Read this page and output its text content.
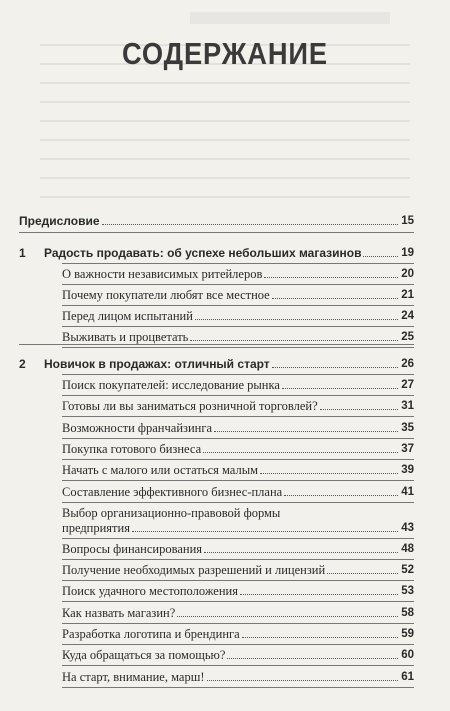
СОДЕРЖАНИЕ
Предисловие	15
1	Радость продавать: об успехе небольших магазинов	19
О важности независимых ритейлеров	20
Почему покупатели любят все местное	21
Перед лицом испытаний	24
Выживать и процветать	25
2	Новичок в продажах: отличный старт	26
Поиск покупателей: исследование рынка	27
Готовы ли вы заниматься розничной торговлей?	31
Возможности франчайзинга	35
Покупка готового бизнеса	37
Начать с малого или остаться малым	39
Составление эффективного бизнес-плана	41
Выбор организационно-правовой формы
предприятия	43
Вопросы финансирования	48
Получение необходимых разрешений и лицензий	52
Поиск удачного местоположения	53
Как назвать магазин?	58
Разработка логотипа и брендинга	59
Куда обращаться за помощью?	60
На старт, внимание, марш!	61
